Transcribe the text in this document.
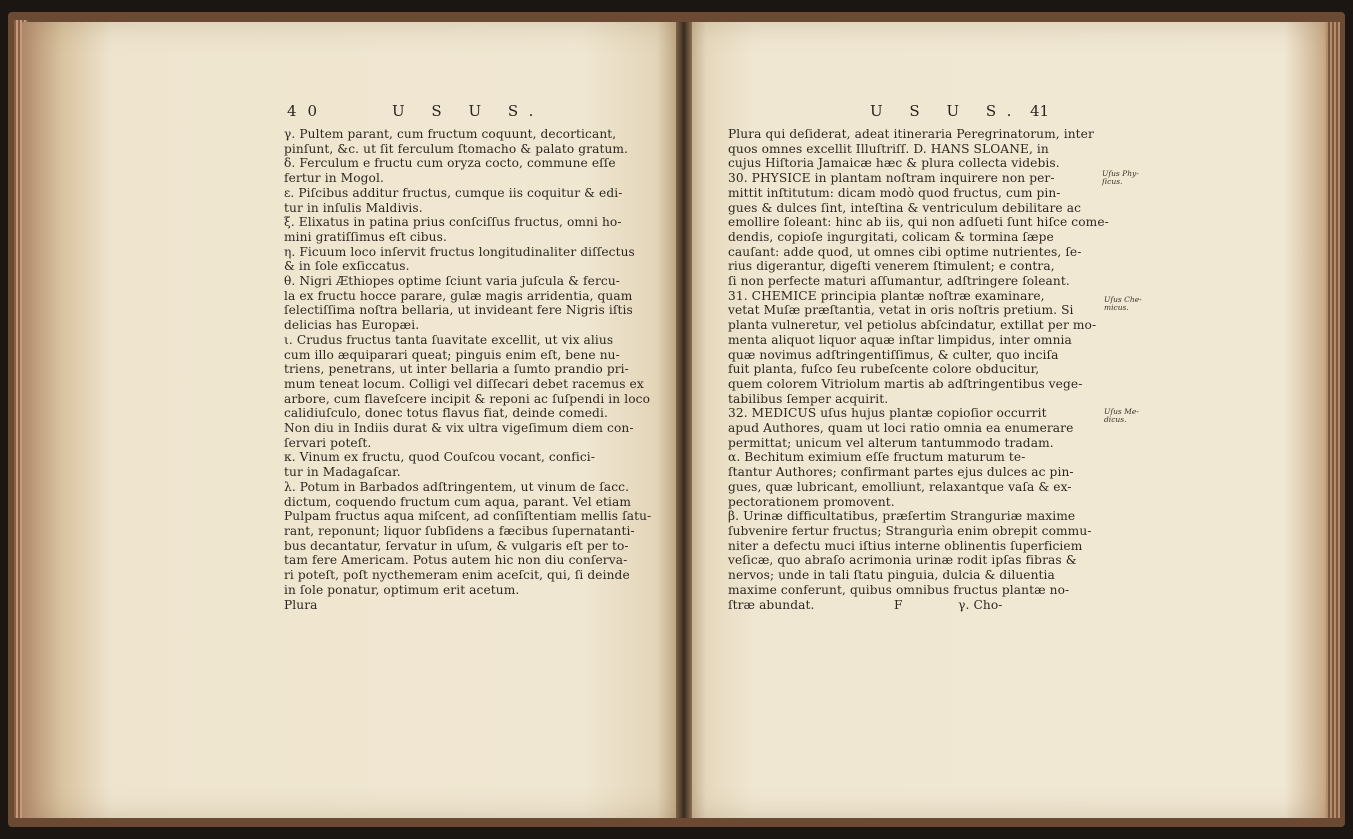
40	U S U S.	U S U S. 41

γ. Pultem parant, cum fructum coquunt, decorticant,

pinſunt, &c. ut ſit ferculum ſtomacho & palato gratum.

δ. Ferculum e fructu cum oryza cocto, commune eſſe

fertur in Mogol.

ε. Piſcibus additur fructus, cumque iis coquitur & edi-

tur in inſulis Maldivis.

ξ. Elixatus in patina prius conſciſſus fructus, omni ho-

mini gratiſſimus eſt cibus.

η. Ficuum loco inſervit fructus longitudinaliter diſſectus

& in ſole exſiccatus.

θ. Nigri Æthiopes optime ſciunt varia juſcula & fercu-

la ex fructu hocce parare, gulæ magis arridentia, quam

ſelectiſſima noſtra bellaria, ut invideant fere Nigris iſtis

delicias has Europæi.

ι. Crudus fructus tanta ſuavitate excellit, ut vix alius

cum illo æquiparari queat; pinguis enim eſt, bene nu-

triens, penetrans, ut inter bellaria a ſumto prandio pri-

mum teneat locum. Colligi vel diſſecari debet racemus ex

arbore, cum flaveſcere incipit & reponi ac ſuſpendi in loco

calidiuſculo, donec totus flavus fiat, deinde comedi.

Non diu in Indiis durat & vix ultra vigeſimum diem con-

ſervari poteſt.

κ. Vinum ex fructu, quod Couſcou vocant, confici-

tur in Madagaſcar.

λ. Potum in Barbados adſtringentem, ut vinum de ſacc.

dictum, coquendo fructum cum aqua, parant. Vel etiam

Pulpam fructus aqua miſcent, ad conſiſtentiam mellis ſatu-

rant, reponunt; liquor ſubſidens a fæcibus ſupernatanti-

bus decantatur, ſervatur in uſum, & vulgaris eſt per to-

tam fere Americam. Potus autem hic non diu conſerva-

ri poteſt, poſt nycthemeram enim aceſcit, qui, ſi deinde

in ſole ponatur, optimum erit acetum.

Plura

Plura qui deſiderat, adeat itineraria Peregrinatorum, inter

quos omnes excellit Illuſtriſſ. D. HANS SLOANE, in

cujus Hiſtoria Jamaicæ hæc & plura collecta videbis.

30. PHYSICE in plantam noſtram inquirere non per-

mittit inſtitutum: dicam modò quod fructus, cum pin-

gues & dulces ſint, inteſtina & ventriculum debilitare ac

emollire ſoleant: hinc ab iis, qui non adſueti ſunt hiſce come-

dendis, copioſe ingurgitati, colicam & tormina ſæpe

cauſant: adde quod, ut omnes cibi optime nutrientes, ſe-

rius digerantur, digeſti venerem ſtimulent; e contra,

ſi non perfecte maturi aſſumantur, adſtringere ſoleant.

31. CHEMICE principia plantæ noſtræ examinare,

vetat Muſæ præſtantia, vetat in oris noſtris pretium. Si

planta vulneretur, vel petiolus abſcindatur, extillat per mo-

menta aliquot liquor aquæ inſtar limpidus, inter omnia

quæ novimus adſtringentiſſimus, & culter, quo inciſa

fuit planta, fuſco ſeu rubeſcente colore obducitur,

quem colorem Vitriolum martis ab adſtringentibus vege-

tabilibus ſemper acquirit.

32. MEDICUS uſus hujus plantæ copioſior occurrit

apud Authores, quam ut loci ratio omnia ea enumerare

permittat; unicum vel alterum tantummodo tradam.

α. Bechitum eximium eſſe fructum maturum te-

ſtantur Authores; confirmant partes ejus dulces ac pin-

gues, quæ lubricant, emolliunt, relaxantque vaſa & ex-

pectorationem promovent.

β. Urinæ difficultatibus, præſertim Stranguriæ maxime

ſubvenire fertur fructus; Strangurìa enim obrepit commu-

niter a defectu muci iſtius interne oblinentis ſuperficiem

veſicæ, quo abraſo acrimonia urinæ rodit ipſas fibras &

nervos; unde in tali ſtatu pinguia, dulcia & diluentia

maxime conferunt, quibus omnibus fructus plantæ no-

ſtræ abundat.                    F              γ. Cho-

Uſus Phy-ſicus.
Uſus Che-micus.
Uſus Me-dicus.
